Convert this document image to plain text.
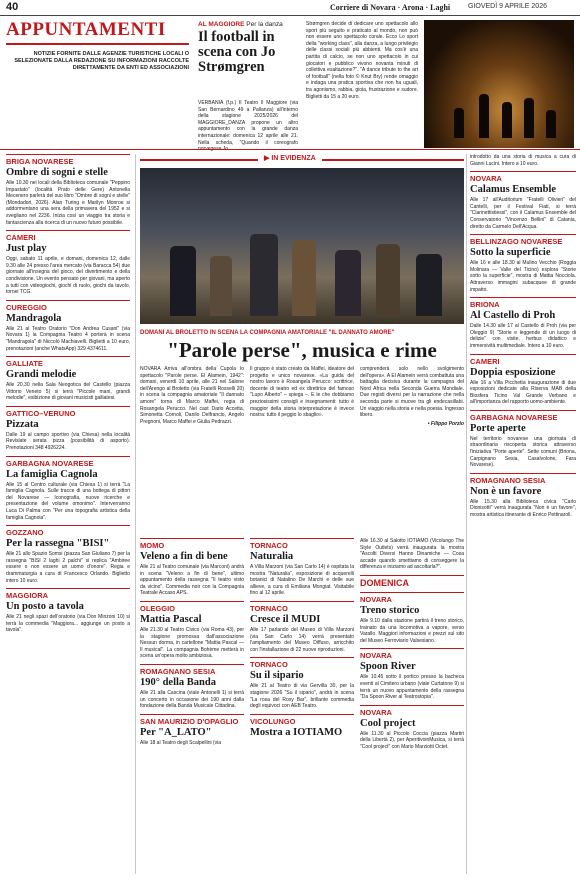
40	Corriere di Novara · Arona · Laghi	GIOVEDÌ 9 APRILE 2026
APPUNTAMENTI
NOTIZIE FORNITE DALLE AGENZIE TURISTICHE LOCALI O SELEZIONATE DALLA REDAZIONE SU INFORMAZIONI RACCOLTE DIRETTAMENTE DA ENTI ED ASSOCIAZIONI
AL MAGGIORE Per la danza
Il football in scena con Jo Strømgren
VERBANIA (f.p.) Il Teatro Il Maggiore (via San Bernardino 49 a Pallanza) all'interno della stagione 2025/2026 del MAGGIORE_DANZA propone un altro appuntamento con la grande danza internazionale: domenica 12 aprile alle 21. Nella scheda, "Quando il coreografo
Strømgren decide di dedicare uno spettacolo allo sport più seguito e praticato al mondo, non può non essere uno spettacolo corale. Ecco Lo sport della "working class", alla danza, a lungo privilegio delle classi sociali più abbienti. Ma cos'è una partita di calcio, se non uno spettacolo in cui giocatori e pubblico vivono novanta minuti di collettiva esaltazione?". "A dance tribute to the art of football" (nella foto © Knut Bry) rende omaggio e indaga una pratica sportiva che non ha uguali, tra agonismo, rabbia, gioia, frustrazione e sudore. Biglietti da 15 a 20 euro.
BRIGA NOVARESE
Ombre di sogni e stelle
Alle 10.30 nei locali della Biblioteca comunale "Peppino Impastato" (località Prato delle Gere) Antonella Mecenero parlerà del suo libro "Ombre di sogni e stelle" (Mondadori, 2026). Alan Turing e Marilyn Monroe si addormentano una sera della primavera del 1952 e si svegliano nel 2236. Inizia così un viaggio tra storia e fantascienza alla ricerca di un nuovo futuro possibile.
CAMERI
Just play
Oggi, sabato 11 aprile, e domani, domenica 12, dalle 9.30 alle 24 presso l'area mercato (via Baracca 54) due giornate all'insegna del gioco, del divertimento e della condivisione. Un evento pensato per giovani, ma aperto a tutti con videogiochi, giochi di ruolo, giochi da tavolo, tornei TCG.
CUREGGIO
Mandragola
Alle 21 al Teatro Oratorio "Don Andrea Cusani" (via Novara 1) la Compagnia Teatro 4 porterà in scena "Mandragola" di Niccolò Machiavelli. Biglietti a 10 euro, prenotazioni (anche WhatsApp) 329 4374611.
GALLIATE
Grandi melodie
Alle 20.30 nella Sala Neogotica del Castello (piazza Vittorio Veneto 5) si terrà "Piccole mani, grandi melodie", esibizione di giovani musicisti galliatesi.
GATTICO–VERUNO
Pizzata
Dalle 19 al campo sportivo (via Chiesa) nella località Revislate serata pizza (possibilità di asporto). Prenotazioni 348 4926224.
GARBAGNA NOVARESE
La famiglia Cagnola
Alle 15 al Centro culturale (via Chiesa 1) si terrà "La famiglia Cagnola. Sulle tracce di una bottega di pittori del Novarese — Iconografia, nuove ricerche e presentazione del volume omonimo". Interverranno Luca Di Palma con "Per una topografia artistica della famiglia Cagnola".
GOZZANO
Per la rassegna "BISI"
Alle 21 allo Spazio Somsi (piazza San Giuliano 7) per la rassegna "BISI 2 laghi 2 palchi" si replica "Ambiree essere o non essere un uomo d'onore". Regia e drammaturgia a cura di Francesco Orlando. Biglietto intero 10 euro.
MAGGIORA
Un posto a tavola
Alle 21 negli spazi dell'oratorio (via Don Minzoni 10) si terrà la commedia "Maggiora... aggiunge un posto a tavola".
▶ IN EVIDENZA
DOMANI AL BROLETTO IN SCENA LA COMPAGNIA AMATORIALE "IL DANNATO AMORE"
"Parole perse", musica e rime
NOVARA Arriva all'ombra della Cupola lo spettacolo "Parole perse. El Alamein, 1942": domani, venerdì 10 aprile, alle 21 nel Salone dell'Arengo al Broletto (via Fratelli Rosselli 20) in scena la compagnia amatoriale "Il dannato amore" torna di Marco Maffei, regia di Rosangela Perucco. Nel cast Dario Accetta, Simonetta Cornoli, Danilo Delfrancio, Angelo Pregnoni, Marco Maffei e Giulia Pedrazzi.
Il gruppo è stato creato da Maffei, ideatore del progetto e unico novarese. «La guida del nostro lavoro è Rosangela Perucco: scrittrice, docente di teatro ed ex direttrice del famoso "Lupo Alberto" – spiega –. E le che dobbiamo preziosissimi consigli e insegnamenti: tutto è maggior della storia interpretazione è invece nostra: tutto il peggio lo sbaglio».
comprenderà solo nello svolgimento dell'opera». A El Alamein verrà combattuta una battaglia decisiva durante la campagna del Nord Africa nella Seconda Guerra Mondiale. Due registi diversi per la narrazione che nella seconda parte si muove tra gli endecasillabi. Un viaggio nella storia e nella poesia. Ingresso libero.
• Filippo Porzio
MOMO
Veleno a fin di bene
Alle 21 al Teatro comunale (via Marconi) andrà in scena "Veleno a fin di bene", ultimo appuntamento della rassegna "Il teatro visto da vicino". Commedia noir con la Compagnia Teatrale Accaso APS.
OLEGGIO
Mattia Pascal
Alle 21.30 al Teatro Civico (via Roma 43), per la stagione promossa dall'associazione Nessun dorma, in cartellone "Mattia Pascal — Il musical". La compagnia Bohème metterà in scena un'opera molto ambiziosa.
ROMAGNANO SESIA
190° della Banda
Alle 21 alla Cascina (viale Antonelli 1) si terrà un concerto in occasione dei 190 anni dalla fondazione della Banda Musicale Cittadina.
SAN MAURIZIO D'OPAGLIO
Per "A_LATO"
Alle 18 al Teatro degli Scalpellini (via
TORNACO
Naturalia
A Villa Marzoni (via San Carlo 14) è ospitata la mostra "Naturalia", esposizione di acquerelli botanici di Natalino De Marchi e delle sue allieve, a cura di Emiliana Mongiat. Visitabile fino al 12 aprile.
TORNACO
Cresce il MUDI
Alle 17 parlando del Museo di Villa Marzoni (via San Carlo 14) verrà presentato l'ampliamento del Museo Diffuso, arricchito con l'installazione di 22 nuove riproduzioni.
TORNACO
Su il sipario
Alle 21 al Teatro di via Gervilla 30, per la stagione 2026 "Su il sipario", andrà in scena "La rosa del Roxy Bar", brillante commedia degli equivoci con AEB Teatro.
VICOLUNGO
Mostra a IOTIAMO
Alle 16.30 al Salotto IOTIAMO (Vicolungo The Style Outlets) verrà inaugurata la mostra "Ascolti Diversi Hanno Dinamiche — Cosa accade quando smettiamo di conseggere la differenza e iniziamo ad ascoltarla?".
DOMENICA
NOVARA
Treno storico
Alle 9.10 dalla stazione partirà il treno storico, trainato da una locomotiva a vapore, verso Varallo. Maggiori informazioni e prezzi sul sito del Museo Ferroviario Valsesiano.
NOVARA
Spoon River
Alle 10.45 sotto il portico presso la bacheca eventi al Cimitero urbano (viale Curtatone 9) si terrà un nuovo appuntamento della rassegna "Da Spoon River al Teatrostopia".
NOVARA
Cool project
Alle 11.30 al Piccolo Coccia (piazza Martiri della Libertà 2), per AperitivoinMusica, si terrà "Cool project" con Mario Marziotti Octet.
introdotto da una storia di musica a cura di Gianni Lucini. Intero a 10 euro.
NOVARA
Calamus Ensemble
Alle 17 all'Auditorium "Fratelli Olivieri" del Cantelli, per il Festival Fiati, si terrà "Clarinettistiessi", con il Calamus Ensemble del Conservatorio "Vincenzo Bellini" di Catania, diretto da Carmelo Dell'Acqua.
BELLINZAGO NOVARESE
Sotto la superficie
Alle 16 e alle 18.30 al Mulino Vecchio (Roggia Molinara — Valle del Ticino) esplora "Storie sotto la superficie", mostra di Mattia Nocciola. Attraverso immagini subacquee di grande impatto.
BRIONA
Al Castello di Proh
Dalle 14.30 alle 17 al Castello di Proh (via per Oleggio 9) "Storie e leggende di un luogo di delizie" con visite, herbus didattico e immersività multimediale. Intero a 10 euro.
CAMERI
Doppia esposizione
Alle 16 a Villa Picchetta inaugurazione di due esposizioni dedicate alla Riserva MAB della Biosfera Ticino Val Grande Verbano e all'importanza del rapporto uomo-ambiente.
GARBAGNA NOVARESE
Porte aperte
Nel territorio novarese una giornata di straordinaria riscoperta storica attraverso l'iniziativa "Porte aperte". Sette comuni (Briona, Carpignano Sesia, Casalvolone, Fara Novarese).
ROMAGNANO SESIA
Non è un favore
Alle 15.30 alla Biblioteca civica "Carlo Dionisotti" verrà inaugurata "Non è un favore", mostra artistica itinerante di Enrico Pettinaroli.
